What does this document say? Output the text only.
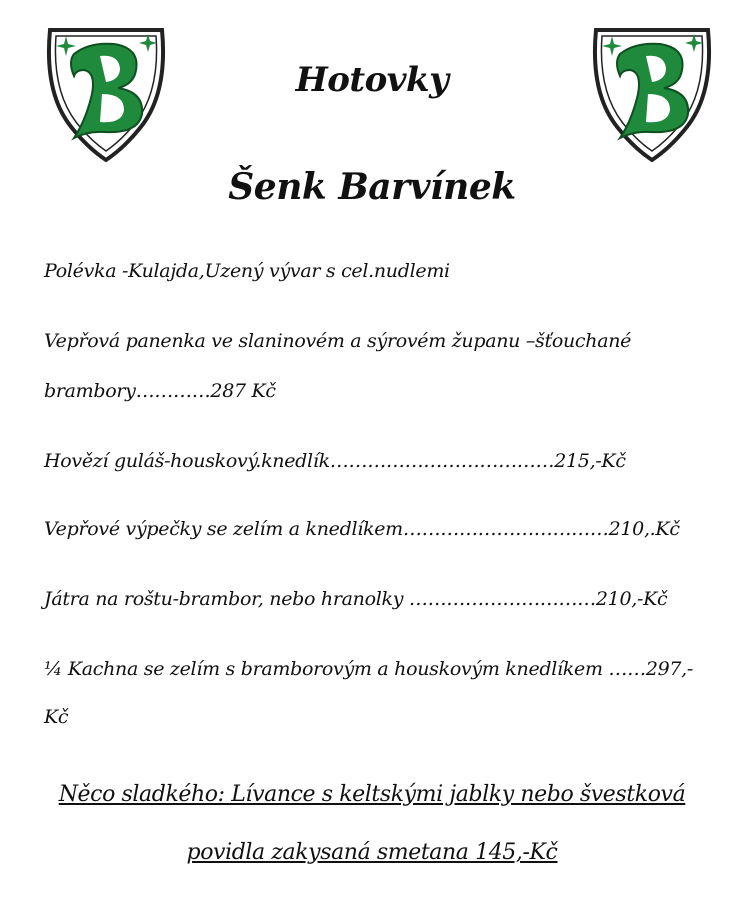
Hotovky
Šenk Barvínek
Polévka -Kulajda,Uzený vývar s cel.nudlemi
Vepřová panenka ve slaninovém a sýrovém županu –šťouchané
brambory…………287 Kč
Hovězí guláš-houskový.knedlík………………………………215,-Kč
Vepřové výpečky se zelím a knedlíkem……………………………210,.Kč
Játra na roštu-brambor, nebo hranolky …………………………210,-Kč
¼ Kachna se zelím s bramborovým a houskovým knedlíkem ……297,-
Kč
Něco sladkého: Lívance s keltskými jablky nebo švestková
povidla zakysaná smetana 145,-Kč
